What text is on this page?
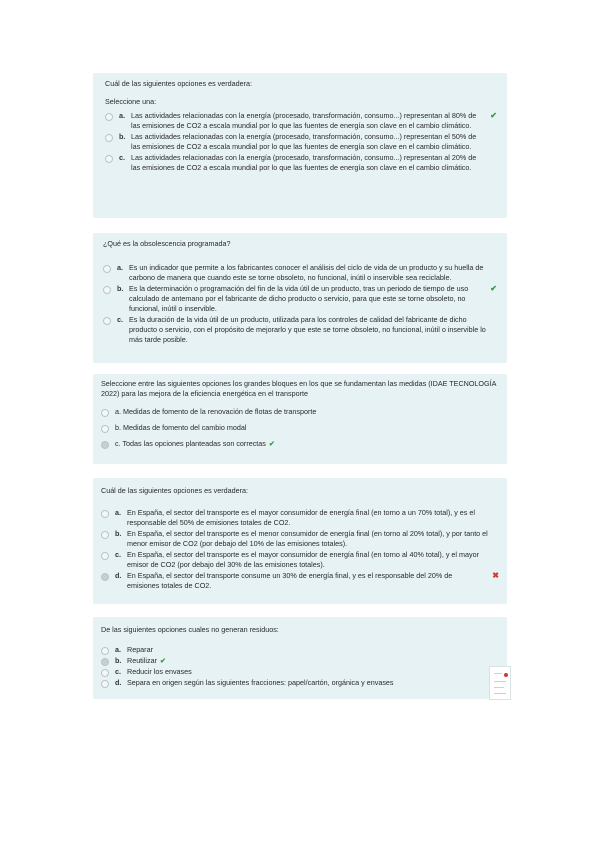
Cuál de las siguientes opciones es verdadera:

Seleccione una:

a. Las actividades relacionadas con la energía (procesado, transformación, consumo...) representan al 80% de las emisiones de CO2 a escala mundial por lo que las fuentes de energía son clave en el cambio climático.
✔
b. Las actividades relacionadas con la energía (procesado, transformación, consumo...) representan el 50% de las emisiones de CO2 a escala mundial por lo que las fuentes de energía son clave en el cambio climático.
c. Las actividades relacionadas con la energía (procesado, transformación, consumo...) representan al 20% de las emisiones de CO2 a escala mundial por lo que las fuentes de energía son clave en el cambio climático.

¿Qué es la obsolescencia programada?

a. Es un indicador que permite a los fabricantes conocer el análisis del ciclo de vida de un producto y su huella de carbono de manera que cuando este se torne obsoleto, no funcional, inútil o inservible sea reciclable.
b. Es la determinación o programación del fin de la vida útil de un producto, tras un periodo de tiempo de uso calculado de antemano por el fabricante de dicho producto o servicio, para que este se torne obsoleto, no funcional, inútil o inservible.
✔
c. Es la duración de la vida útil de un producto, utilizada para los controles de calidad del fabricante de dicho producto o servicio, con el propósito de mejorarlo y que este se torne obsoleto, no funcional, inútil o inservible lo más tarde posible.

Seleccione entre las siguientes opciones los grandes bloques en los que se fundamentan las medidas (IDAE TECNOLOGÍA 2022) para las mejora de la eficiencia energética en el transporte

a. Medidas de fomento de la renovación de flotas de transporte
b. Medidas de fomento del cambio modal
c. Todas las opciones planteadas son correctas ✔

Cuál de las siguientes opciones es verdadera:

a. En España, el sector del transporte es el mayor consumidor de energía final (en torno a un 70% total), y es el responsable del 50% de emisiones totales de CO2.
b. En España, el sector del transporte es el menor consumidor de energía final (en torno al 20% total), y por tanto el menor emisor de CO2 (por debajo del 10% de las emisiones totales).
c. En España, el sector del transporte es el mayor consumidor de energía final (en torno al 40% total), y el mayor emisor de CO2 (por debajo del 30% de las emisiones totales).
d. En España, el sector del transporte consume un 30% de energía final, y es el responsable del 20% de emisiones totales de CO2.
✖

De las siguientes opciones cuales no generan residuos:

a. Reparar
b. Reutilizar ✔
c. Reducir los envases
d. Separa en origen según las siguientes fracciones: papel/cartón, orgánica y envases
